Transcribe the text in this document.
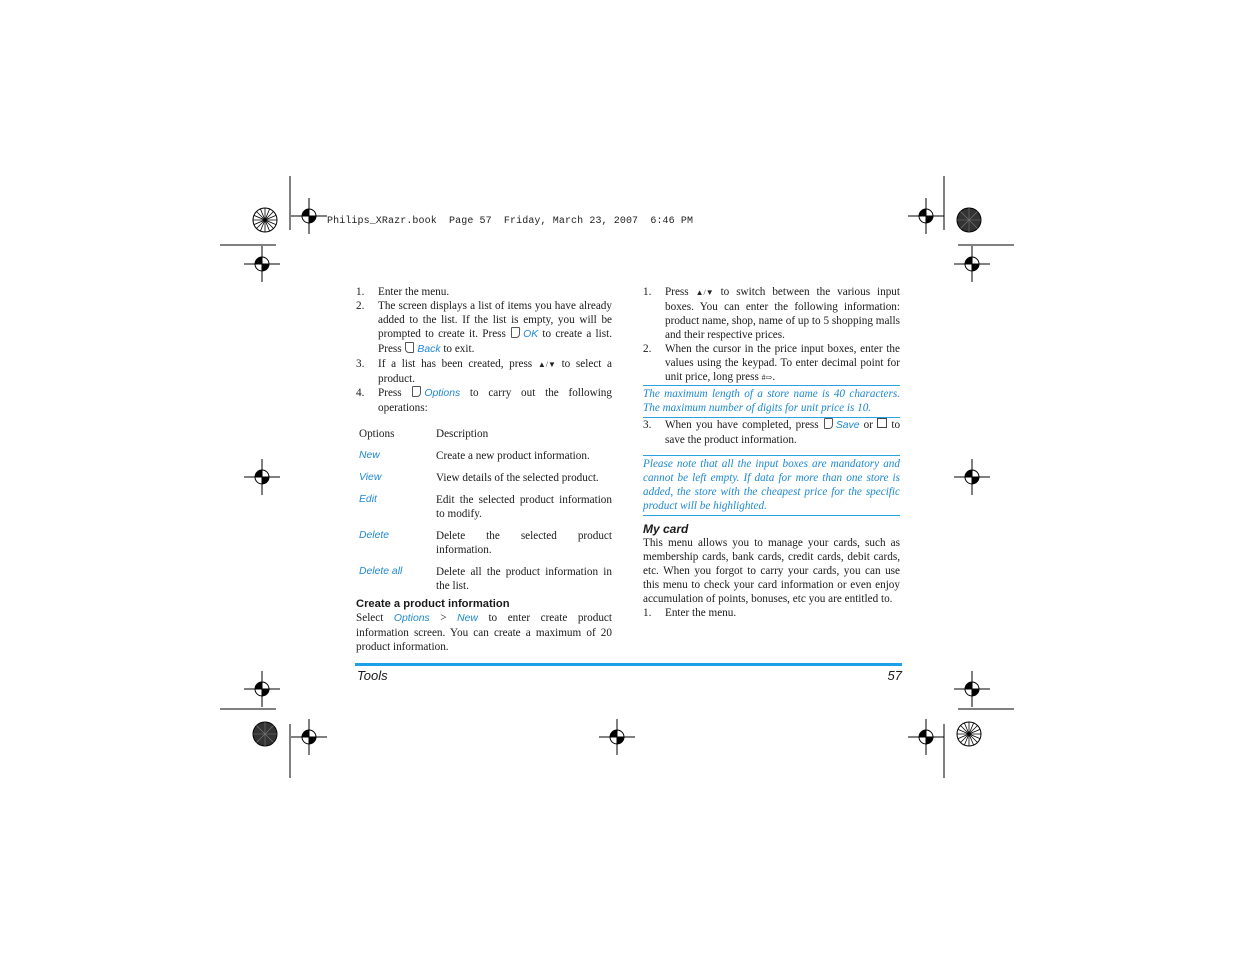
Philips_XRazr.book  Page 57  Friday, March 23, 2007  6:46 PM
1. Enter the menu.
2. The screen displays a list of items you have already added to the list. If the list is empty, you will be prompted to create it. Press OK to create a list. Press Back to exit.
3. If a list has been created, press ▲/▼ to select a product.
4. Press Options to carry out the following operations:
Options	Description
New	Create a new product information.
View	View details of the selected product.
Edit	Edit the selected product information to modify.
Delete	Delete the selected product information.
Delete all	Delete all the product information in the list.

Create a product information

Select Options > New to enter create product information screen. You can create a maximum of 20 product information.

1. Press ▲/▼ to switch between the various input boxes. You can enter the following information: product name, shop, name of up to 5 shopping malls and their respective prices.
2. When the cursor in the price input boxes, enter the values using the keypad. To enter decimal point for unit price, long press #⇨.

The maximum length of a store name is 40 characters. The maximum number of digits for unit price is 10.

3. When you have completed, press Save or to save the product information.

Please note that all the input boxes are mandatory and cannot be left empty. If data for more than one store is added, the store with the cheapest price for the specific product will be highlighted.

My card

This menu allows you to manage your cards, such as membership cards, bank cards, credit cards, debit cards, etc. When you forgot to carry your cards, you can use this menu to check your card information or even enjoy accumulation of points, bonuses, etc you are entitled to.

1. Enter the menu.
Tools	57
